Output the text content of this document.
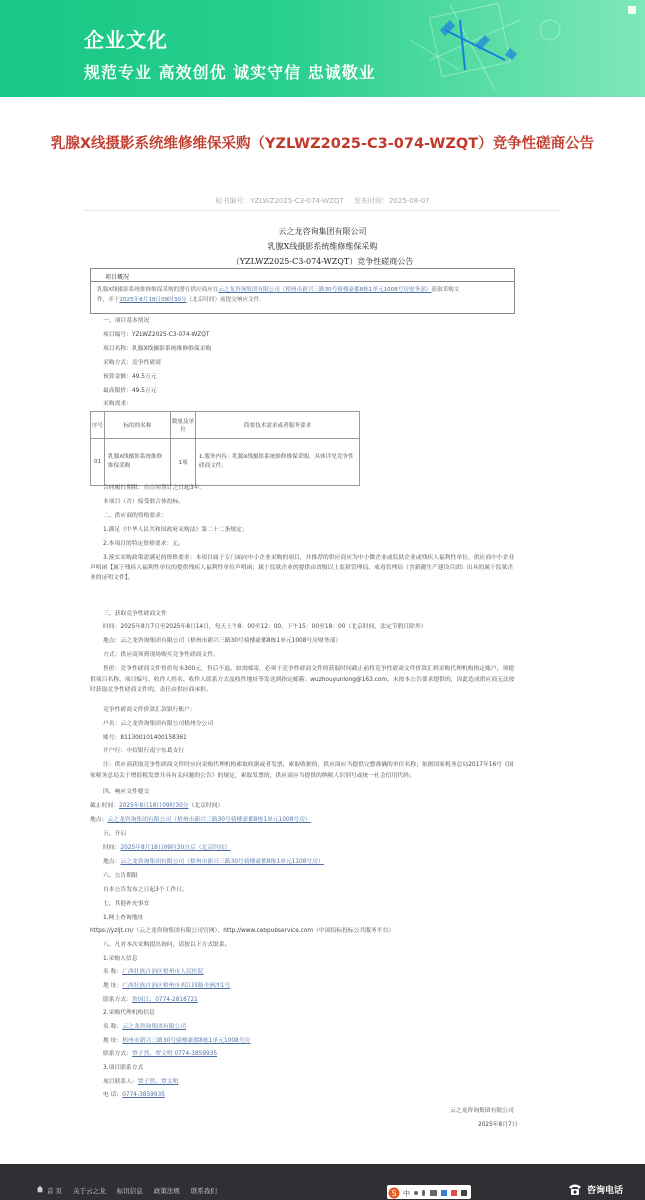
企业文化
规范专业 高效创优 诚实守信 忠诚敬业
乳腺X线摄影系统维修维保采购（YZLWZ2025-C3-074-WZQT）竞争性磋商公告
标书编号：YZLWZ2025-C3-074-WZQT 发布时间：2025-08-07
云之龙咨询集团有限公司
乳腺X线摄影系统维修维保采购
（YZLWZ2025-C3-074-WZQT）竞争性磋商公告
项目概况
乳腺X线摄影系统维修维保采购的潜在供应商应在云之龙咨询集团有限公司（梧州市新兴三路30号骑楼豪都8栋1单元1008号房财务部）获取采购文
件，并于2025年8月18日09时30分（北京时间）前提交响应文件。
一、项目基本情况
项目编号：YZLWZ2025-C3-074-WZQT
项目名称：乳腺X线摄影系统维修维保采购
采购方式：竞争性磋商
预算金额：49.5万元
最高限价：49.5万元
采购需求：
序号	标的的名称	数量及单位	简要技术需求或者服务要求
01	乳腺X线摄影系统维修维保采购	1项	1.服务内容：乳腺X线摄影系统维修维保采购，具体详见竞争性磋商文件。
合同履行期限：自合同签订之日起3年。
本项目（否）接受联合体投标。
二、供应商的资格要求：
1.满足《中华人民共和国政府采购法》第二十二条规定；
2.本项目的特定资格要求：无。
3.落实采购政策需满足的资格要求：本项目属于专门面向中小企业采购的项目，并推荐的供应商应为中小微企业或监狱企业或残疾人福利性单位，供应商中小企业声明函【属于残疾人福利性单位的提供残疾人福利性单位声明函；属于监狱企业的提供由省级以上监狱管理局、戒毒管理局（含新疆生产建设兵团）出具的属于监狱企业的证明文件】。
三、获取竞争性磋商文件
时间：2025年8月7日至2025年8月14日，每天上午8：00至12：00，下午15：00至18：00（北京时间，法定节假日除外）
地点：云之龙咨询集团有限公司（梧州市新兴三路30号骑楼豪都8栋1单元1008号房财务部）
方式：供应商须到现场购买竞争性磋商文件。
售价：竞争性磋商文件售价每本300元，售后不退。如需邮寄，必须于竞争性磋商文件的获取时间截止前将竞争性磋商文件价款汇到采购代理机构指定账户，须提供项目名称、项目编号、收件人姓名、收件人联系方式及收件地址等发送到指定邮箱：wuzhouyunlong@163.com，未按本公告要求提供的，因此造成供应商无法按时获取竞争性磋商文件的，责任由供应商承担。
竞争性磋商文件价款汇款银行账户：
户名：云之龙咨询集团有限公司梧州分公司
账号：811300101400158361
开户行：中信银行南宁东葛支行
注：供应商获取竞争性磋商文件时应向采购代理机构索取收据或者发票，索取收据的，供应商应当提供完整准确的单位名称；依据国家税务总局2017年16号《国家税务总局关于增值税发票开具有关问题的公告》的规定，索取发票的，供应商应当提供的纳税人识别号或统一社会信用代码；
四、响应文件提交
截止时间：2025年8月18日09时30分（北京时间）
地点：云之龙咨询集团有限公司（梧州市新兴三路30号骑楼豪都8栋1单元1008号房）
五、开启
时间：2025年8月18日09时30分后（北京时间）
地点：云之龙咨询集团有限公司（梧州市新兴三路30号骑楼豪都8栋1单元1108号房）
六、公告期限
自本公告发布之日起3个工作日。
七、其他补充事宜
1.网上查询地址
https://yzljt.cn/（云之龙咨询集团有限公司官网）、http://www.cebpubservice.com（中国招标投标公共服务平台）
八、凡对本次采购提出询问，请按以下方式联系。
1.采购人信息
名 称：广西壮族自治区梧州市人民医院
地 址：广西壮族自治区梧州市西江四路全洲冲1号
联系方式：詹国江；0774-2816721
2.采购代理机构信息
名 称：云之龙咨询集团有限公司
地 址：梧州市新兴三路30号骑楼豪都8栋1单元1008号房
联系方式：覃子然、覃文明 0774-3859935
3.项目联系方式
项目联系人：覃子然、覃文明
电 话：0774-3859935
云之龙咨询集团有限公司
2025年8月7日
首 页 关于云之龙 标讯信息 政策法规 联系我们	咨询电话
S 中
